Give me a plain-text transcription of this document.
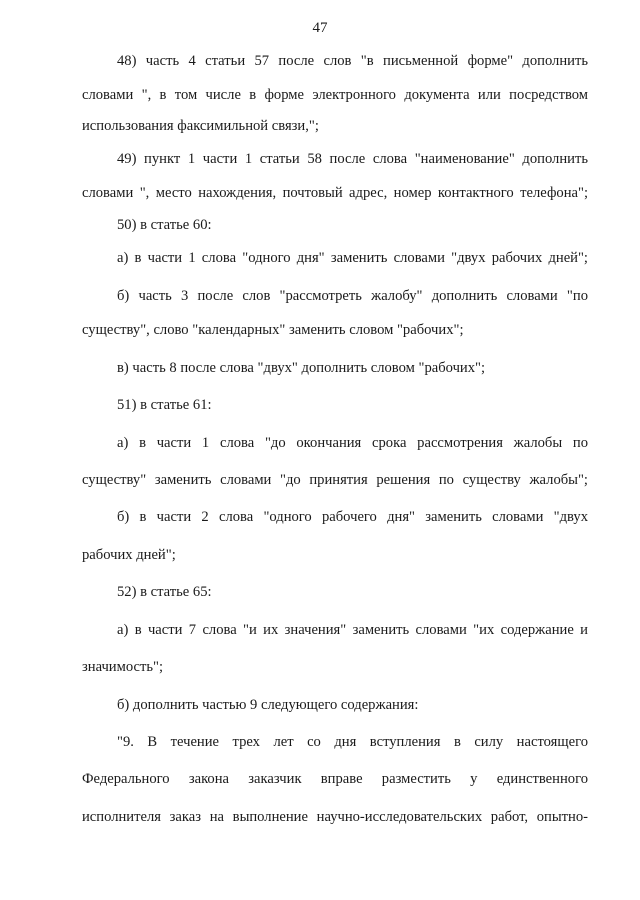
47
48) часть 4 статьи 57 после слов "в письменной форме" дополнить
словами ", в том числе в форме электронного документа или посредством
использования факсимильной связи,";
49) пункт 1 части 1 статьи 58 после слова "наименование" дополнить
словами ", место нахождения, почтовый адрес, номер контактного телефона";
50) в статье 60:
а) в части 1 слова "одного дня" заменить словами "двух рабочих дней";
б) часть 3 после слов "рассмотреть жалобу" дополнить словами "по
существу", слово "календарных" заменить словом "рабочих";
в) часть 8 после слова "двух" дополнить словом "рабочих";
51) в статье 61:
а) в части 1 слова "до окончания срока рассмотрения жалобы по
существу" заменить словами "до принятия решения по существу жалобы";
б) в части 2 слова "одного рабочего дня" заменить словами "двух
рабочих дней";
52) в статье 65:
а) в части 7 слова "и их значения" заменить словами "их содержание и
значимость";
б) дополнить частью 9 следующего содержания:
"9. В течение трех лет со дня вступления в силу настоящего
Федерального закона заказчик вправе разместить у единственного
исполнителя заказ на выполнение научно-исследовательских работ, опытно-
